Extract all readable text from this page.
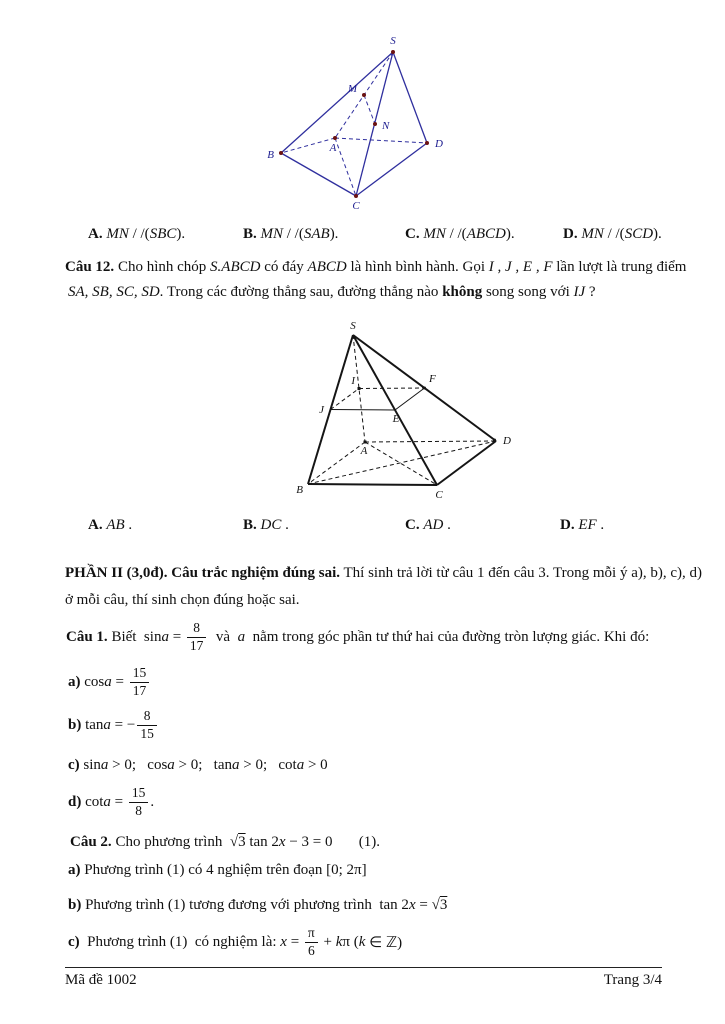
S
M
N
A
B
D
C
A. MN / /(SBC).	B. MN / /(SAB).	C. MN / /(ABCD).	D. MN / /(SCD).
Câu 12. Cho hình chóp S.ABCD có đáy ABCD là hình bình hành. Gọi I , J , E , F lần lượt là trung điểm
SA, SB, SC, SD. Trong các đường thẳng sau, đường thẳng nào không song song với IJ ?
S
I
J
E
F
A
B	C
D
A. AB .	B. DC .	C. AD .	D. EF .
PHẦN II (3,0đ). Câu trắc nghiệm đúng sai. Thí sinh trả lời từ câu 1 đến câu 3. Trong mỗi ý a), b), c), d)
ở mỗi câu, thí sinh chọn đúng hoặc sai.
Câu 1. Biết  $\sin a = \frac{8}{17}$ và a nằm trong góc phần tư thứ hai của đường tròn lượng giác. Khi đó:
a) $\cos a = \frac{15}{17}$
b) tan a = − $\frac{8}{15}$
c) sina > 0;   cosa > 0;   tana > 0;   cota > 0
d) $\cot a = \frac{15}{8}$ .
Câu 2. Cho phương trình  √3 tan 2x − 3 = 0       (1).
a) Phương trình (1) có 4 nghiệm trên đoạn [0; 2π]
b) Phương trình (1) tương đương với phương trình  tan 2x = √3
c) Phương trình (1)  có nghiệm là: $x = \frac{\pi}{6} + k$ π ( k ∈ ℤ)
Mã đề 1002	Trang 3/4
